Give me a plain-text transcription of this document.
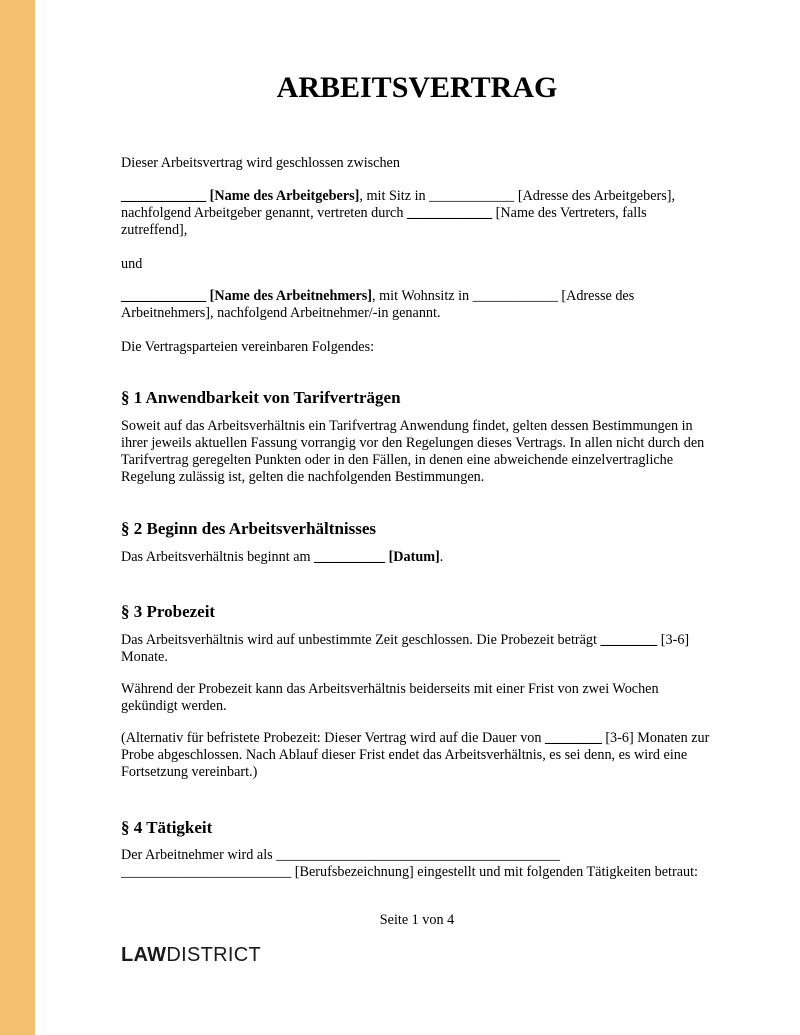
ARBEITSVERTRAG

Dieser Arbeitsvertrag wird geschlossen zwischen

____________ [Name des Arbeitgebers], mit Sitz in ____________ [Adresse des Arbeitgebers], nachfolgend Arbeitgeber genannt, vertreten durch ____________ [Name des Vertreters, falls zutreffend],

und

____________ [Name des Arbeitnehmers], mit Wohnsitz in ____________ [Adresse des Arbeitnehmers], nachfolgend Arbeitnehmer/-in genannt.

Die Vertragsparteien vereinbaren Folgendes:

§ 1 Anwendbarkeit von Tarifverträgen

Soweit auf das Arbeitsverhältnis ein Tarifvertrag Anwendung findet, gelten dessen Bestimmungen in ihrer jeweils aktuellen Fassung vorrangig vor den Regelungen dieses Vertrags. In allen nicht durch den Tarifvertrag geregelten Punkten oder in den Fällen, in denen eine abweichende einzelvertragliche Regelung zulässig ist, gelten die nachfolgenden Bestimmungen.

§ 2 Beginn des Arbeitsverhältnisses

Das Arbeitsverhältnis beginnt am __________ [Datum].

§ 3 Probezeit

Das Arbeitsverhältnis wird auf unbestimmte Zeit geschlossen. Die Probezeit beträgt ________ [3-6] Monate.

Während der Probezeit kann das Arbeitsverhältnis beiderseits mit einer Frist von zwei Wochen gekündigt werden.

(Alternativ für befristete Probezeit: Dieser Vertrag wird auf die Dauer von ________ [3-6] Monaten zur Probe abgeschlossen. Nach Ablauf dieser Frist endet das Arbeitsverhältnis, es sei denn, es wird eine Fortsetzung vereinbart.)

§ 4 Tätigkeit

Der Arbeitnehmer wird als ________________________________________ ________________________ [Berufsbezeichnung] eingestellt und mit folgenden Tätigkeiten betraut:

Seite 1 von 4
LAWDISTRICT
